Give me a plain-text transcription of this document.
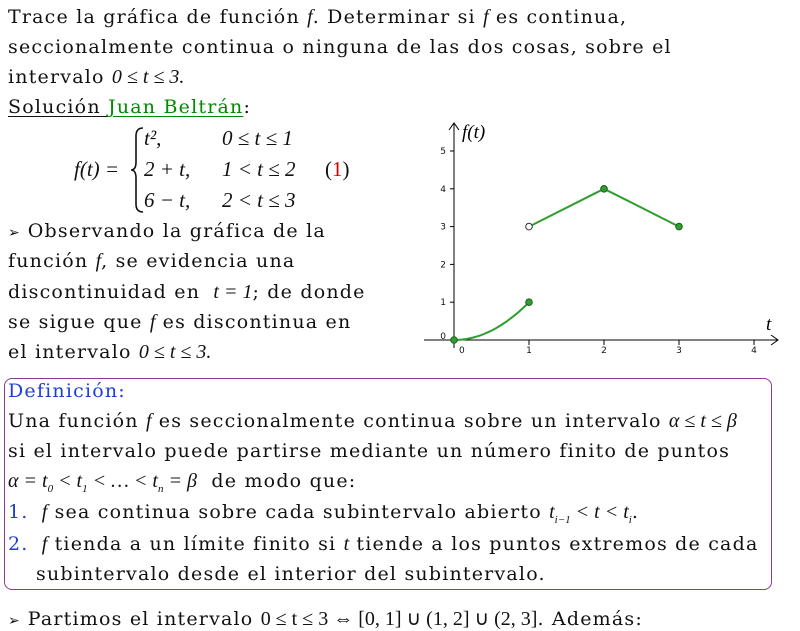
Trace la gráfica de función f. Determinar si f es continua,
seccionalmente continua o ninguna de las dos cosas, sobre el
intervalo 0 ≤ t ≤ 3.
Solución Juan Beltrán:
f(t) =
t²,	0 ≤ t ≤ 1
2 + t, 1 < t ≤ 2
6 − t, 2 < t ≤ 3
(1)
➢ Observando la gráfica de la
función f, se evidencia una
discontinuidad en t = 1; de donde
se sigue que f es discontinua en
el intervalo 0 ≤ t ≤ 3.	0	1	2	3	4
0
1
2
3
4
5
f(t)
t
Definición:
Una función f es seccionalmente continua sobre un intervalo α ≤ t ≤ β
si el intervalo puede partirse mediante un número finito de puntos
$\alpha = t_0 < t_1$ < … < $t_n = \beta$ de modo que:
1. f sea continua sobre cada subintervalo abierto $t_{i-1} < t < t_i$.
2. f tienda a un límite finito si t tiende a los puntos extremos de cada
subintervalo desde el interior del subintervalo.
➢ Partimos el intervalo 0 ≤ t ≤ 3 ⇔ [0, 1] ∪ (1, 2] ∪ (2, 3]. Además:
